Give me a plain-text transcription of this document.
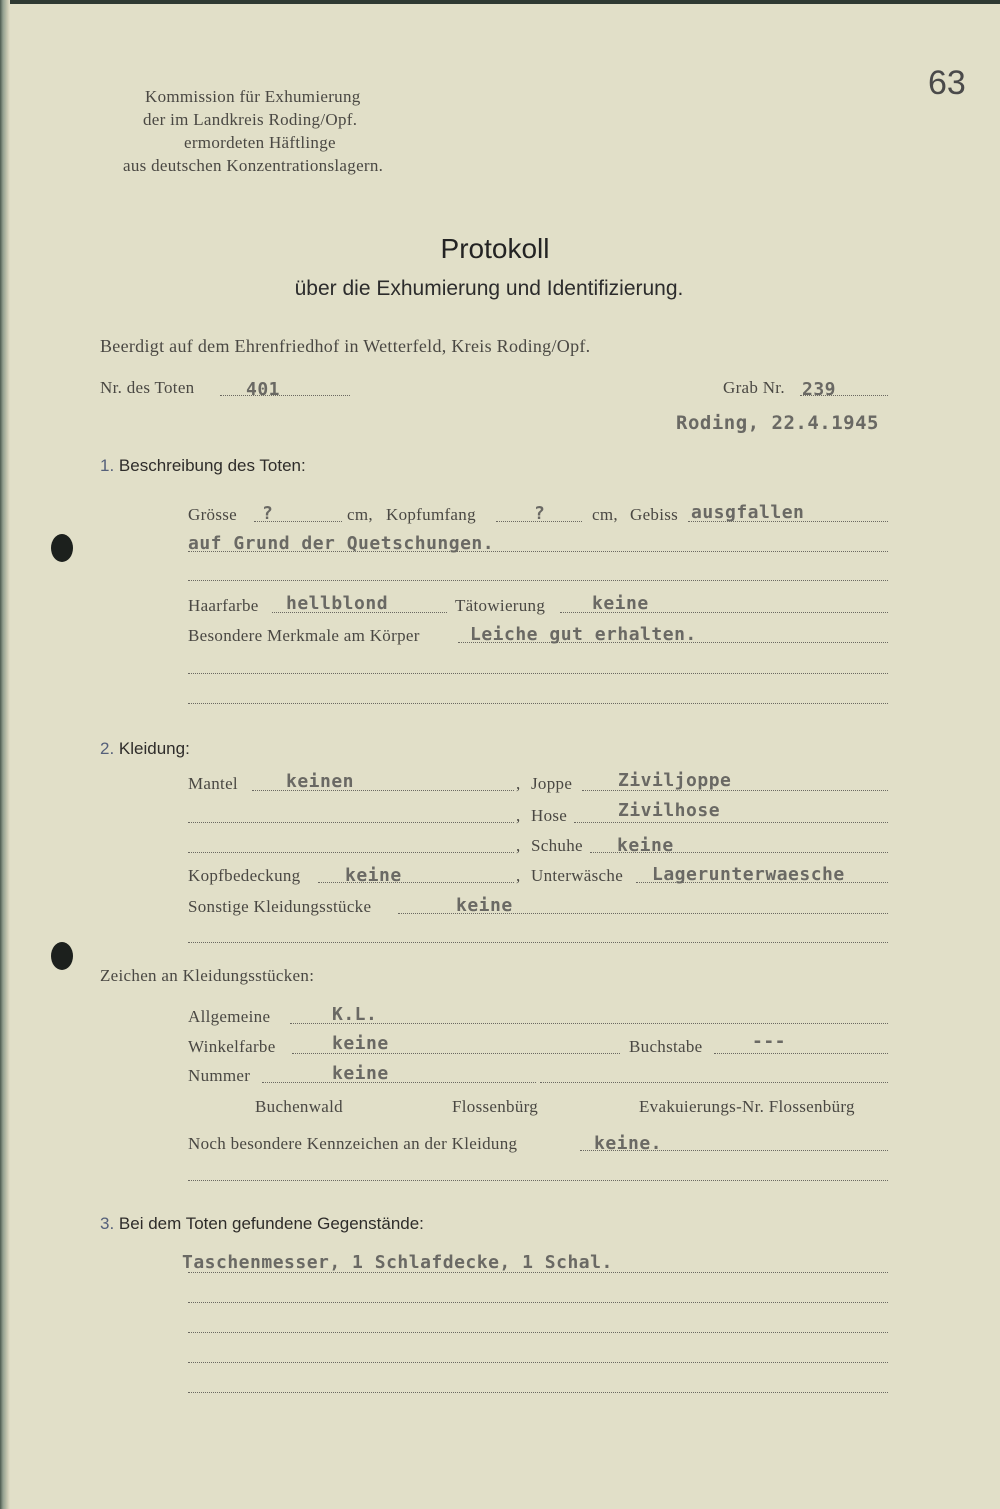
63
Kommission für Exhumierung
der im Landkreis Roding/Opf.
ermordeten Häftlinge
aus deutschen Konzentrationslagern.
Protokoll
über die Exhumierung und Identifizierung.
Beerdigt auf dem Ehrenfriedhof in Wetterfeld, Kreis Roding/Opf.
Nr. des Toten	401	Grab Nr. 239
Roding, 22.4.1945
1. Beschreibung des Toten:
Grösse ?	cm, Kopfumfang	?	cm, Gebiss ausgfallen
auf Grund der Quetschungen.
Haarfarbe hellblond	Tätowierung	keine
Besondere Merkmale am Körper	Leiche gut erhalten.
2. Kleidung:
Mantel	keinen	, Joppe	Ziviljoppe
, Hose	Zivilhose
, Schuhe keine
Kopfbedeckung keine	, Unterwäsche Lagerunterwaesche
Sonstige Kleidungsstücke	keine
Zeichen an Kleidungsstücken:
Allgemeine	K.L.
Winkelfarbe	keine	Buchstabe	---
Nummer	keine
Buchenwald	Flossenbürg	Evakuierungs-Nr. Flossenbürg
Noch besondere Kennzeichen an der Kleidung	keine.
3. Bei dem Toten gefundene Gegenstände:
Taschenmesser, 1 Schlafdecke, 1 Schal.
